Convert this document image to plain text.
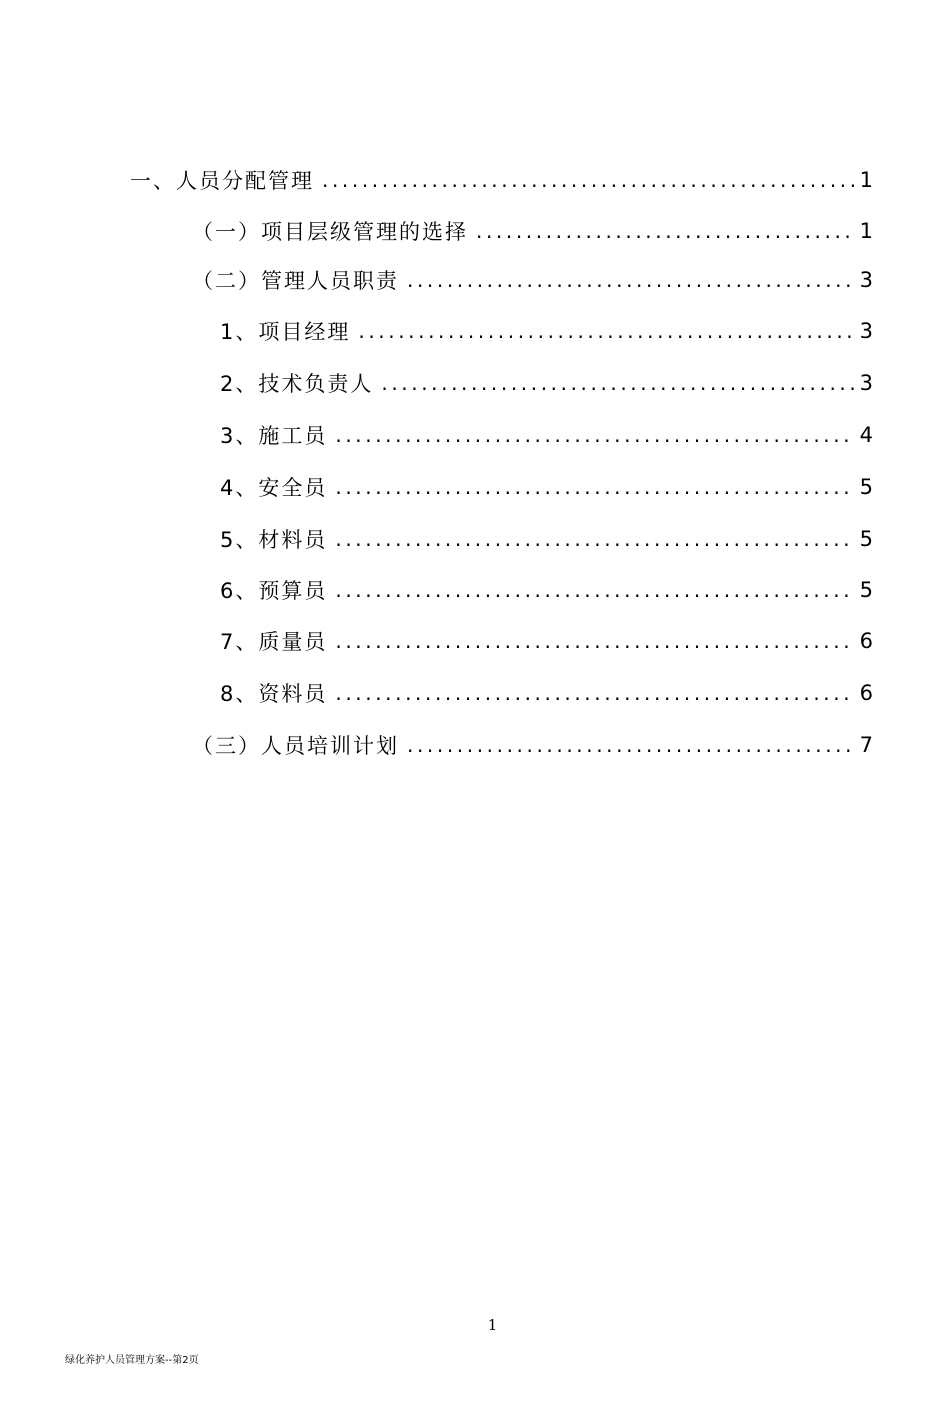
一、人员分配管理 .....	1
（一）项目层级管理的选择 .....	1
（二）管理人员职责 .....	3
1、项目经理 .....	3
2、技术负责人 .....	3
3、施工员 .....	4
4、安全员 .....	5
5、材料员 .....	5
6、预算员 .....	5
7、质量员 .....	6
8、资料员 .....	6
（三）人员培训计划 .....	7
1
绿化养护人员管理方案--第2页
